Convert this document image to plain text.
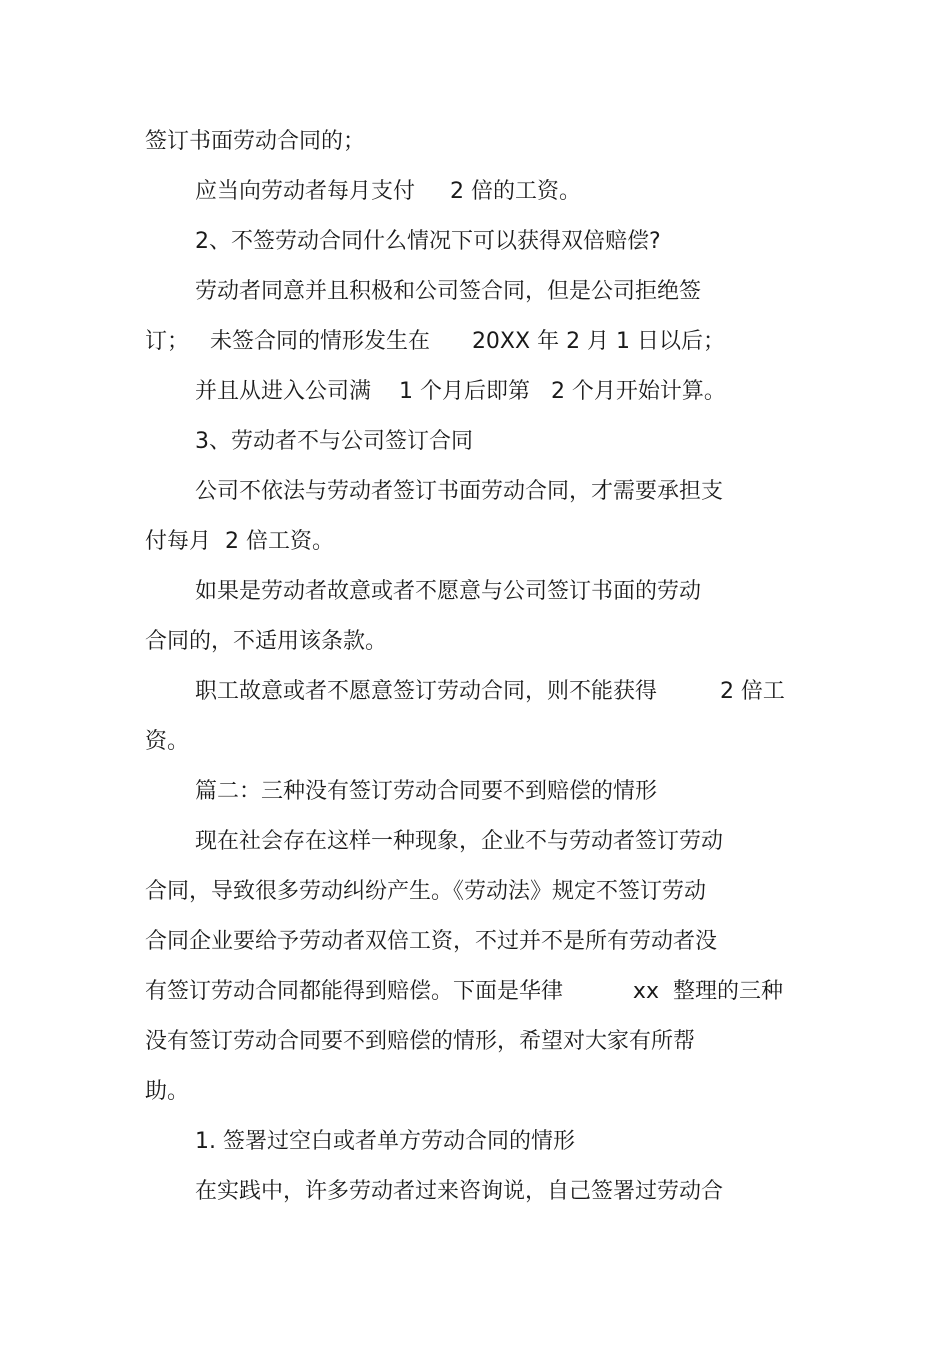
签订书面劳动合同的；

应当向劳动者每月支付     2 倍的工资。

2、不签劳动合同什么情况下可以获得双倍赔偿?

劳动者同意并且积极和公司签合同，但是公司拒绝签

订；   未签合同的情形发生在      20XX 年 2 月 1 日以后；

并且从进入公司满    1 个月后即第   2 个月开始计算。

3、劳动者不与公司签订合同

公司不依法与劳动者签订书面劳动合同，才需要承担支

付每月  2 倍工资。

如果是劳动者故意或者不愿意与公司签订书面的劳动

合同的，不适用该条款。

职工故意或者不愿意签订劳动合同，则不能获得         2 倍工

资。

篇二：三种没有签订劳动合同要不到赔偿的情形

现在社会存在这样一种现象，企业不与劳动者签订劳动

合同，导致很多劳动纠纷产生。《劳动法》规定不签订劳动

合同企业要给予劳动者双倍工资，不过并不是所有劳动者没

有签订劳动合同都能得到赔偿。下面是华律          xx  整理的三种

没有签订劳动合同要不到赔偿的情形，希望对大家有所帮

助。

1. 签署过空白或者单方劳动合同的情形

在实践中，许多劳动者过来咨询说，自己签署过劳动合
